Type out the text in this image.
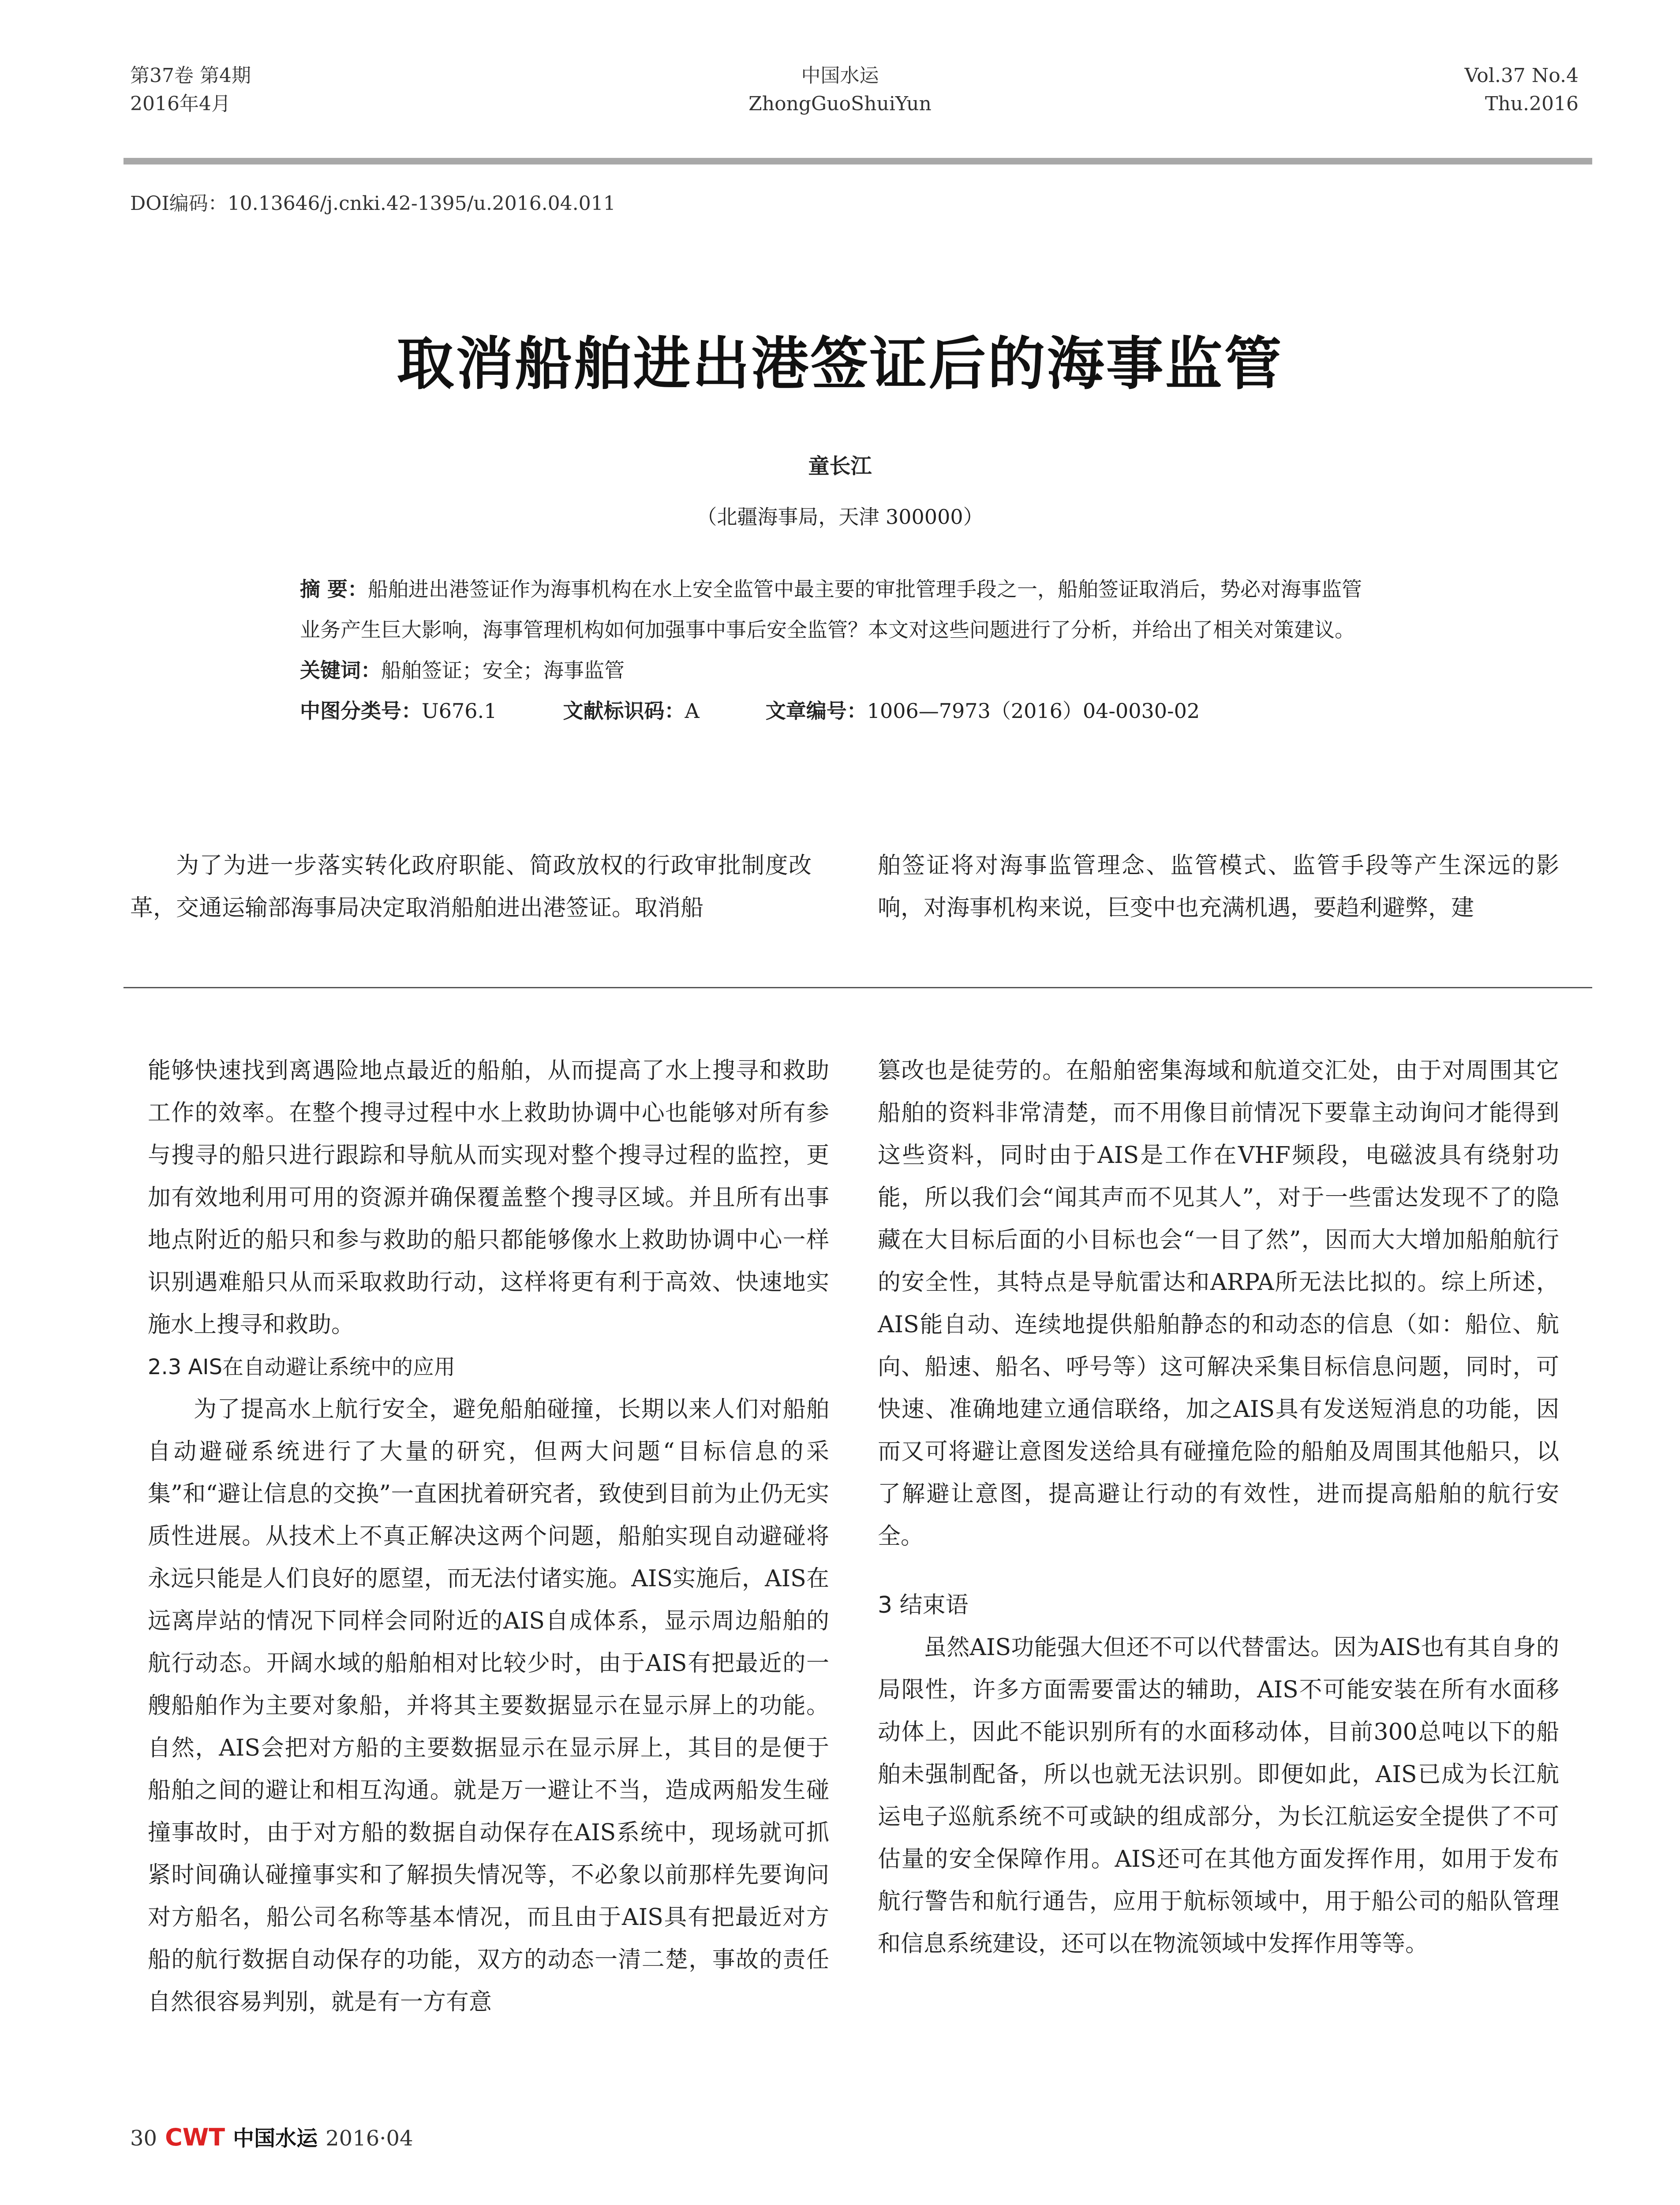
第37卷 第4期
2016年4月
中国水运
ZhongGuoShuiYun
Vol.37 No.4
Thu.2016
DOI编码：10.13646/j.cnki.42-1395/u.2016.04.011
取消船舶进出港签证后的海事监管
童长江
（北疆海事局，天津 300000）

摘 要：船舶进出港签证作为海事机构在水上安全监管中最主要的审批管理手段之一，船舶签证取消后，势必对海事监管业务产生巨大影响，海事管理机构如何加强事中事后安全监管？本文对这些问题进行了分析，并给出了相关对策建议。

关键词：船舶签证；安全；海事监管

中图分类号：U676.1	文献标识码：A	文章编号：1006—7973（2016）04-0030-02
为了为进一步落实转化政府职能、简政放权的行政审批制度改革，交通运输部海事局决定取消船舶进出港签证。取消船
舶签证将对海事监管理念、监管模式、监管手段等产生深远的影响，对海事机构来说，巨变中也充满机遇，要趋利避弊，建

能够快速找到离遇险地点最近的船舶，从而提高了水上搜寻和救助工作的效率。在整个搜寻过程中水上救助协调中心也能够对所有参与搜寻的船只进行跟踪和导航从而实现对整个搜寻过程的监控，更加有效地利用可用的资源并确保覆盖整个搜寻区域。并且所有出事地点附近的船只和参与救助的船只都能够像水上救助协调中心一样识别遇难船只从而采取救助行动，这样将更有利于高效、快速地实施水上搜寻和救助。

2.3 AIS在自动避让系统中的应用

为了提高水上航行安全，避免船舶碰撞，长期以来人们对船舶自动避碰系统进行了大量的研究，但两大问题“目标信息的采集”和“避让信息的交换”一直困扰着研究者，致使到目前为止仍无实质性进展。从技术上不真正解决这两个问题，船舶实现自动避碰将永远只能是人们良好的愿望，而无法付诸实施。AIS实施后，AIS在远离岸站的情况下同样会同附近的AIS自成体系，显示周边船舶的航行动态。开阔水域的船舶相对比较少时，由于AIS有把最近的一艘船舶作为主要对象船，并将其主要数据显示在显示屏上的功能。自然，AIS会把对方船的主要数据显示在显示屏上，其目的是便于船舶之间的避让和相互沟通。就是万一避让不当，造成两船发生碰撞事故时，由于对方船的数据自动保存在AIS系统中，现场就可抓紧时间确认碰撞事实和了解损失情况等，不必象以前那样先要询问对方船名，船公司名称等基本情况，而且由于AIS具有把最近对方船的航行数据自动保存的功能，双方的动态一清二楚，事故的责任自然很容易判别，就是有一方有意

篡改也是徒劳的。在船舶密集海域和航道交汇处，由于对周围其它船舶的资料非常清楚，而不用像目前情况下要靠主动询问才能得到这些资料，同时由于AIS是工作在VHF频段，电磁波具有绕射功能，所以我们会“闻其声而不见其人”，对于一些雷达发现不了的隐藏在大目标后面的小目标也会“一目了然”，因而大大增加船舶航行的安全性，其特点是导航雷达和ARPA所无法比拟的。综上所述，AIS能自动、连续地提供船舶静态的和动态的信息（如：船位、航向、船速、船名、呼号等）这可解决采集目标信息问题，同时，可快速、准确地建立通信联络，加之AIS具有发送短消息的功能，因而又可将避让意图发送给具有碰撞危险的船舶及周围其他船只，以了解避让意图，提高避让行动的有效性，进而提高船舶的航行安全。

3 结束语

虽然AIS功能强大但还不可以代替雷达。因为AIS也有其自身的局限性，许多方面需要雷达的辅助，AIS不可能安装在所有水面移动体上，因此不能识别所有的水面移动体，目前300总吨以下的船舶未强制配备，所以也就无法识别。即便如此，AIS已成为长江航运电子巡航系统不可或缺的组成部分，为长江航运安全提供了不可估量的安全保障作用。AIS还可在其他方面发挥作用，如用于发布航行警告和航行通告，应用于航标领域中，用于船公司的船队管理和信息系统建设，还可以在物流领域中发挥作用等等。

30 CWT 中国水运 2016·04
